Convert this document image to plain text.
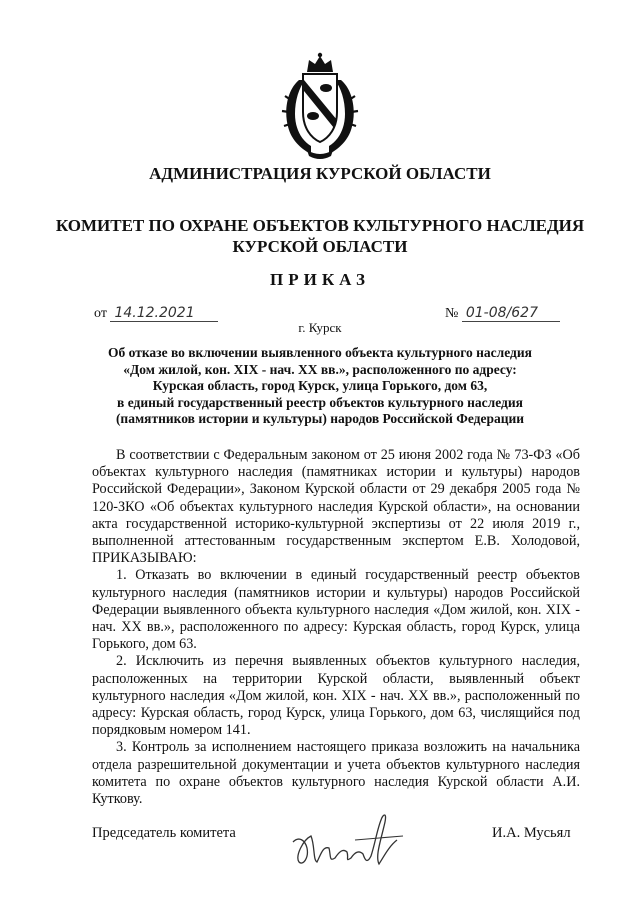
АДМИНИСТРАЦИЯ КУРСКОЙ ОБЛАСТИ
КОМИТЕТ ПО ОХРАНЕ ОБЪЕКТОВ КУЛЬТУРНОГО НАСЛЕДИЯ
КУРСКОЙ ОБЛАСТИ
ПРИКАЗ
от 14.12.2021	№ 01-08/627
г. Курск
Об отказе во включении выявленного объекта культурного наследия
«Дом жилой, кон. XIX - нач. XX вв.», расположенного по адресу:
Курская область, город Курск, улица Горького, дом 63,
в единый государственный реестр объектов культурного наследия
(памятников истории и культуры) народов Российской Федерации

В соответствии с Федеральным законом от 25 июня 2002 года № 73-ФЗ «Об объектах культурного наследия (памятниках истории и культуры) народов Российской Федерации», Законом Курской области от 29 декабря 2005 года № 120-ЗКО «Об объектах культурного наследия Курской области», на основании акта государственной историко-культурной экспертизы от 22 июля 2019 г., выполненной аттестованным государственным экспертом Е.В. Холодовой, ПРИКАЗЫВАЮ:

1. Отказать во включении в единый государственный реестр объектов культурного наследия (памятников истории и культуры) народов Российской Федерации выявленного объекта культурного наследия «Дом жилой, кон. XIX - нач. XX вв.», расположенного по адресу: Курская область, город Курск, улица Горького, дом 63.

2. Исключить из перечня выявленных объектов культурного наследия, расположенных на территории Курской области, выявленный объект культурного наследия «Дом жилой, кон. XIX - нач. XX вв.», расположенный по адресу: Курская область, город Курск, улица Горького, дом 63, числящийся под порядковым номером 141.

3. Контроль за исполнением настоящего приказа возложить на начальника отдела разрешительной документации и учета объектов культурного наследия комитета по охране объектов культурного наследия Курской области А.И. Куткову.

Председатель комитета	И.А. Мусьял
